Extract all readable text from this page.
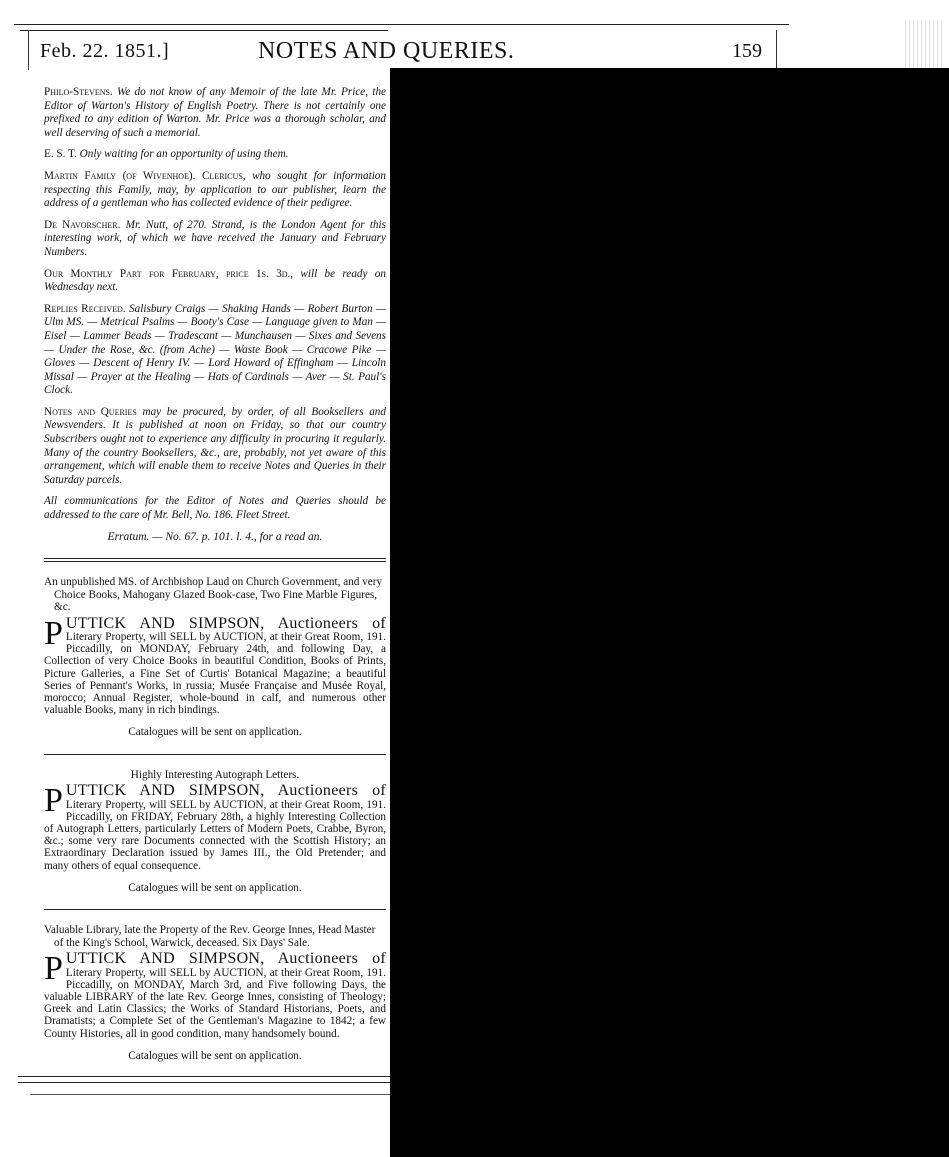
Feb. 22. 1851.]	NOTES AND QUERIES.	159

Philo-Stevens. We do not know of any Memoir of the late Mr. Price, the Editor of Warton's History of English Poetry. There is not certainly one prefixed to any edition of Warton. Mr. Price was a thorough scholar, and well deserving of such a memorial.

E. S. T. Only waiting for an opportunity of using them.

Martin Family (of Wivenhoe). Clericus, who sought for information respecting this Family, may, by application to our publisher, learn the address of a gentleman who has collected evidence of their pedigree.

De Navorscher. Mr. Nutt, of 270. Strand, is the London Agent for this interesting work, of which we have received the January and February Numbers.

Our Monthly Part for February, price 1s. 3d., will be ready on Wednesday next.

Replies Received. Salisbury Craigs — Shaking Hands — Robert Burton — Ulm MS. — Metrical Psalms — Booty's Case — Language given to Man — Eisel — Lammer Beads — Tradescant — Munchausen — Sixes and Sevens — Under the Rose, &c. (from Ache) — Waste Book — Cracowe Pike — Gloves — Descent of Henry IV. — Lord Howard of Effingham — Lincoln Missal — Prayer at the Healing — Hats of Cardinals — Aver — St. Paul's Clock.

Notes and Queries may be procured, by order, of all Booksellers and Newsvenders. It is published at noon on Friday, so that our country Subscribers ought not to experience any difficulty in procuring it regularly. Many of the country Booksellers, &c., are, probably, not yet aware of this arrangement, which will enable them to receive Notes and Queries in their Saturday parcels.

All communications for the Editor of Notes and Queries should be addressed to the care of Mr. Bell, No. 186. Fleet Street.

Erratum. — No. 67. p. 101. l. 4., for a read an.

An unpublished MS. of Archbishop Laud on Church Government, and very Choice Books, Mahogany Glazed Book-case, Two Fine Marble Figures, &c.

PUTTICK AND SIMPSON, Auctioneers of Literary Property, will SELL by AUCTION, at their Great Room, 191. Piccadilly, on MONDAY, February 24th, and following Day, a Collection of very Choice Books in beautiful Condition, Books of Prints, Picture Galleries, a Fine Set of Curtis' Botanical Magazine; a beautiful Series of Pennant's Works, in russia; Musée Française and Musée Royal, morocco; Annual Register, whole-bound in calf, and numerous other valuable Books, many in rich bindings.

Catalogues will be sent on application.

Highly Interesting Autograph Letters.

PUTTICK AND SIMPSON, Auctioneers of Literary Property, will SELL by AUCTION, at their Great Room, 191. Piccadilly, on FRIDAY, February 28th, a highly Interesting Collection of Autograph Letters, particularly Letters of Modern Poets, Crabbe, Byron, &c.; some very rare Documents connected with the Scottish History; an Extraordinary Declaration issued by James III., the Old Pretender; and many others of equal consequence.

Catalogues will be sent on application.

Valuable Library, late the Property of the Rev. George Innes, Head Master of the King's School, Warwick, deceased. Six Days' Sale.

PUTTICK AND SIMPSON, Auctioneers of Literary Property, will SELL by AUCTION, at their Great Room, 191. Piccadilly, on MONDAY, March 3rd, and Five following Days, the valuable LIBRARY of the late Rev. George Innes, consisting of Theology; Greek and Latin Classics; the Works of Standard Historians, Poets, and Dramatists; a Complete Set of the Gentleman's Magazine to 1842; a few County Histories, all in good condition, many handsomely bound.

Catalogues will be sent on application.
